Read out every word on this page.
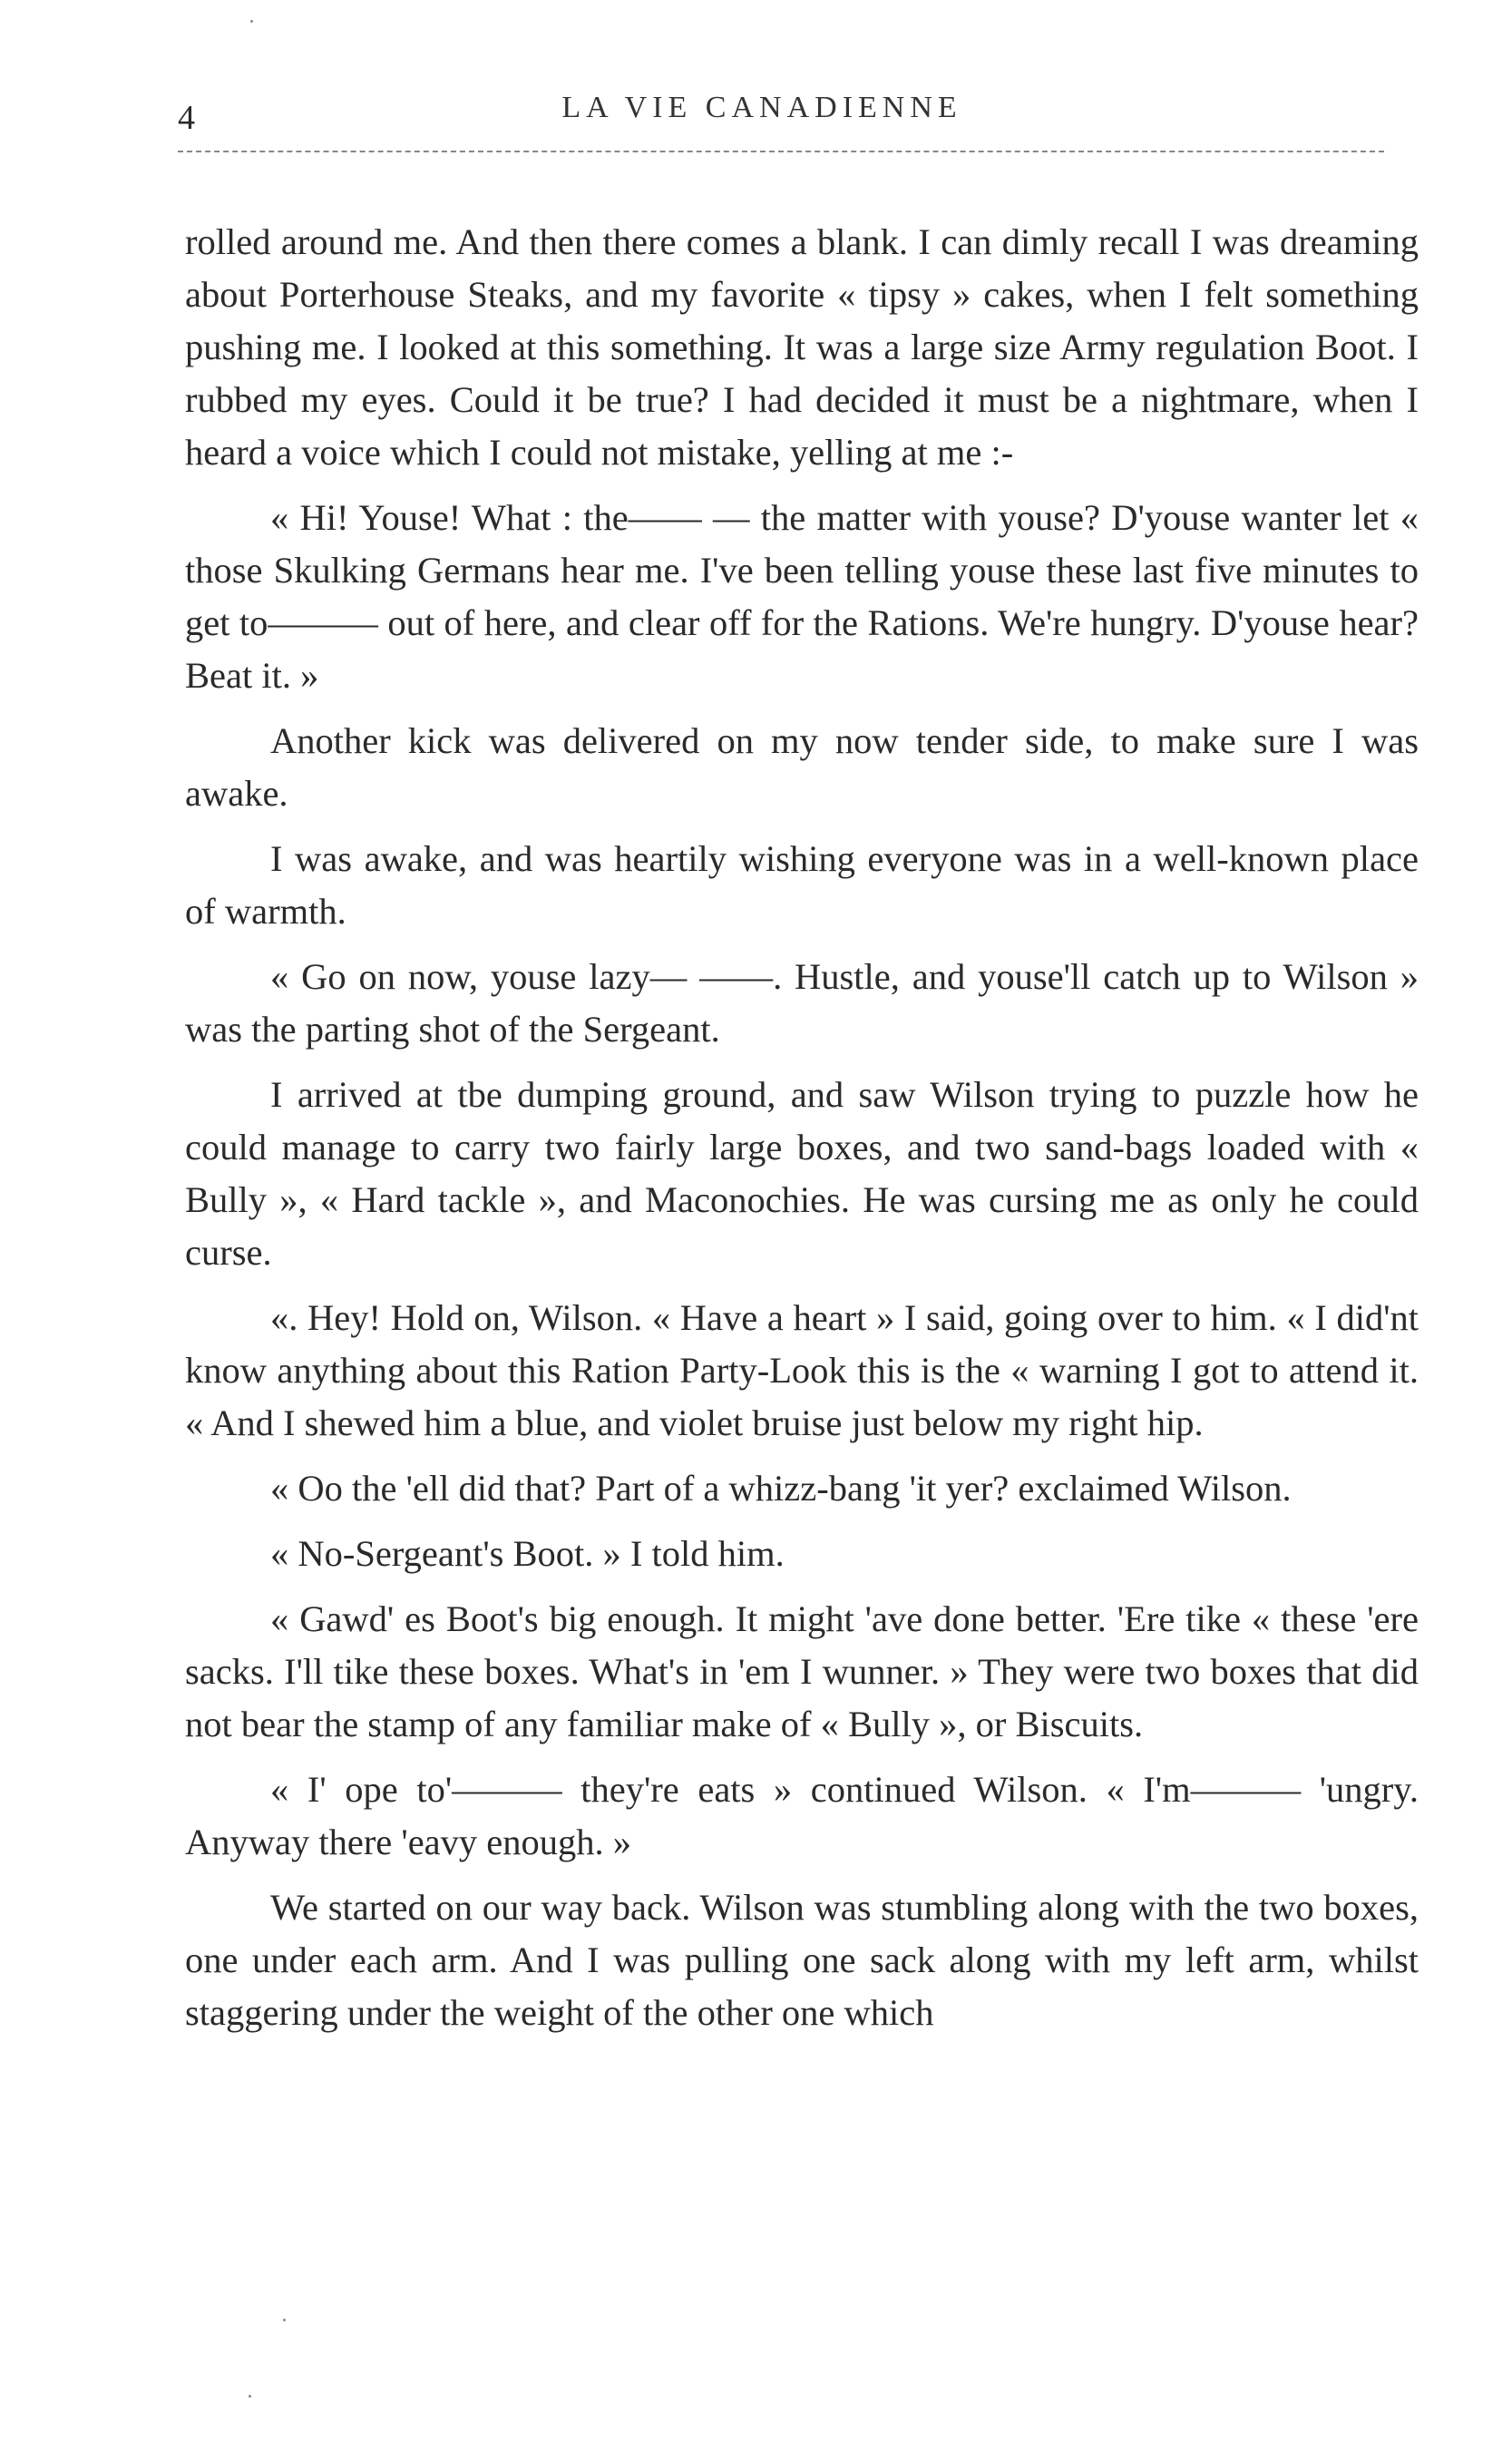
4	LA VIE CANADIENNE

rolled around me. And then there comes a blank. I can dimly recall I was dreaming about Porterhouse Steaks, and my favorite « tipsy » cakes, when I felt something pushing me. I looked at this something. It was a large size Army regulation Boot. I rubbed my eyes. Could it be true? I had decided it must be a nightmare, when I heard a voice which I could not mistake, yelling at me :-

« Hi! Youse! What : the—— — the matter with youse? D'youse wanter let « those Skulking Germans hear me. I've been telling youse these last five minutes to get to——— out of here, and clear off for the Rations. We're hungry. D'youse hear? Beat it. »

Another kick was delivered on my now tender side, to make sure I was awake.

I was awake, and was heartily wishing everyone was in a well-known place of warmth.

« Go on now, youse lazy— ——. Hustle, and youse'll catch up to Wilson » was the parting shot of the Sergeant.

I arrived at tbe dumping ground, and saw Wilson trying to puzzle how he could manage to carry two fairly large boxes, and two sand-bags loaded with « Bully », « Hard tackle », and Maconochies. He was cursing me as only he could curse.

«. Hey! Hold on, Wilson. « Have a heart » I said, going over to him. « I did'nt know anything about this Ration Party-Look this is the « warning I got to attend it. « And I shewed him a blue, and violet bruise just below my right hip.

« Oo the 'ell did that? Part of a whizz-bang 'it yer? exclaimed Wilson.

« No-Sergeant's Boot. » I told him.

« Gawd' es Boot's big enough. It might 'ave done better. 'Ere tike « these 'ere sacks. I'll tike these boxes. What's in 'em I wunner. » They were two boxes that did not bear the stamp of any familiar make of « Bully », or Biscuits.

« I' ope to'——— they're eats » continued Wilson. « I'm——— 'ungry. Anyway there 'eavy enough. »

We started on our way back. Wilson was stumbling along with the two boxes, one under each arm. And I was pulling one sack along with my left arm, whilst staggering under the weight of the other one which
